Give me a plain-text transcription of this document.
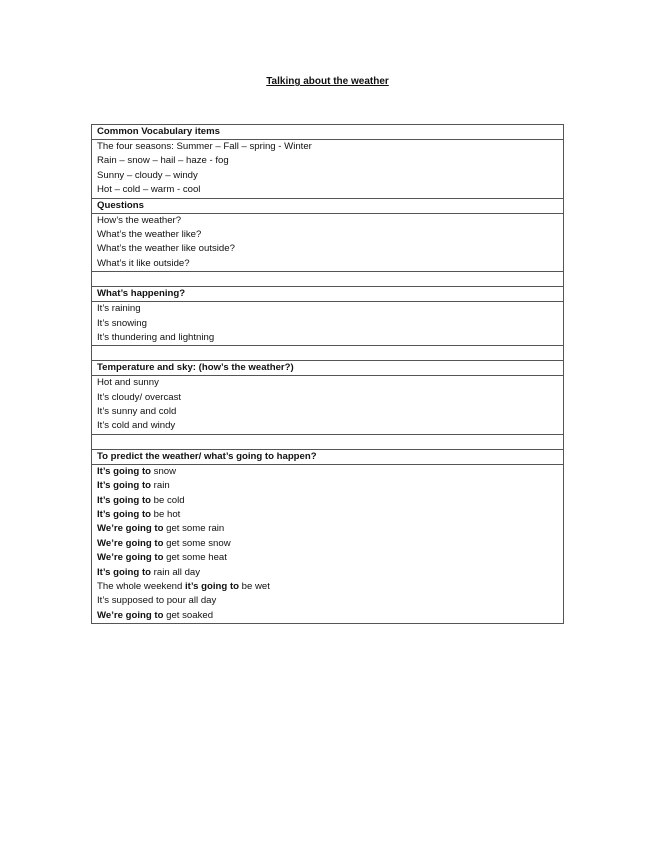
Talking about the weather
Common Vocabulary items
The four seasons: Summer – Fall – spring - Winter
Rain – snow – hail – haze - fog
Sunny – cloudy – windy
Hot – cold – warm - cool
Questions
How’s the weather?
What’s the weather like?
What’s the weather like outside?
What’s it like outside?
What’s happening?
It’s raining
It’s snowing
It’s thundering and lightning
Temperature and sky: (how’s the weather?)
Hot and sunny
It’s cloudy/ overcast
It’s sunny and cold
It’s cold and windy
To predict the weather/ what’s going to happen?
It’s going to snow
It’s going to rain
It’s going to be cold
It’s going to be hot
We’re going to get some rain
We’re going to get some snow
We’re going to get some heat
It’s going to rain all day
The whole weekend it’s going to be wet
It’s supposed to pour all day
We’re going to get soaked
